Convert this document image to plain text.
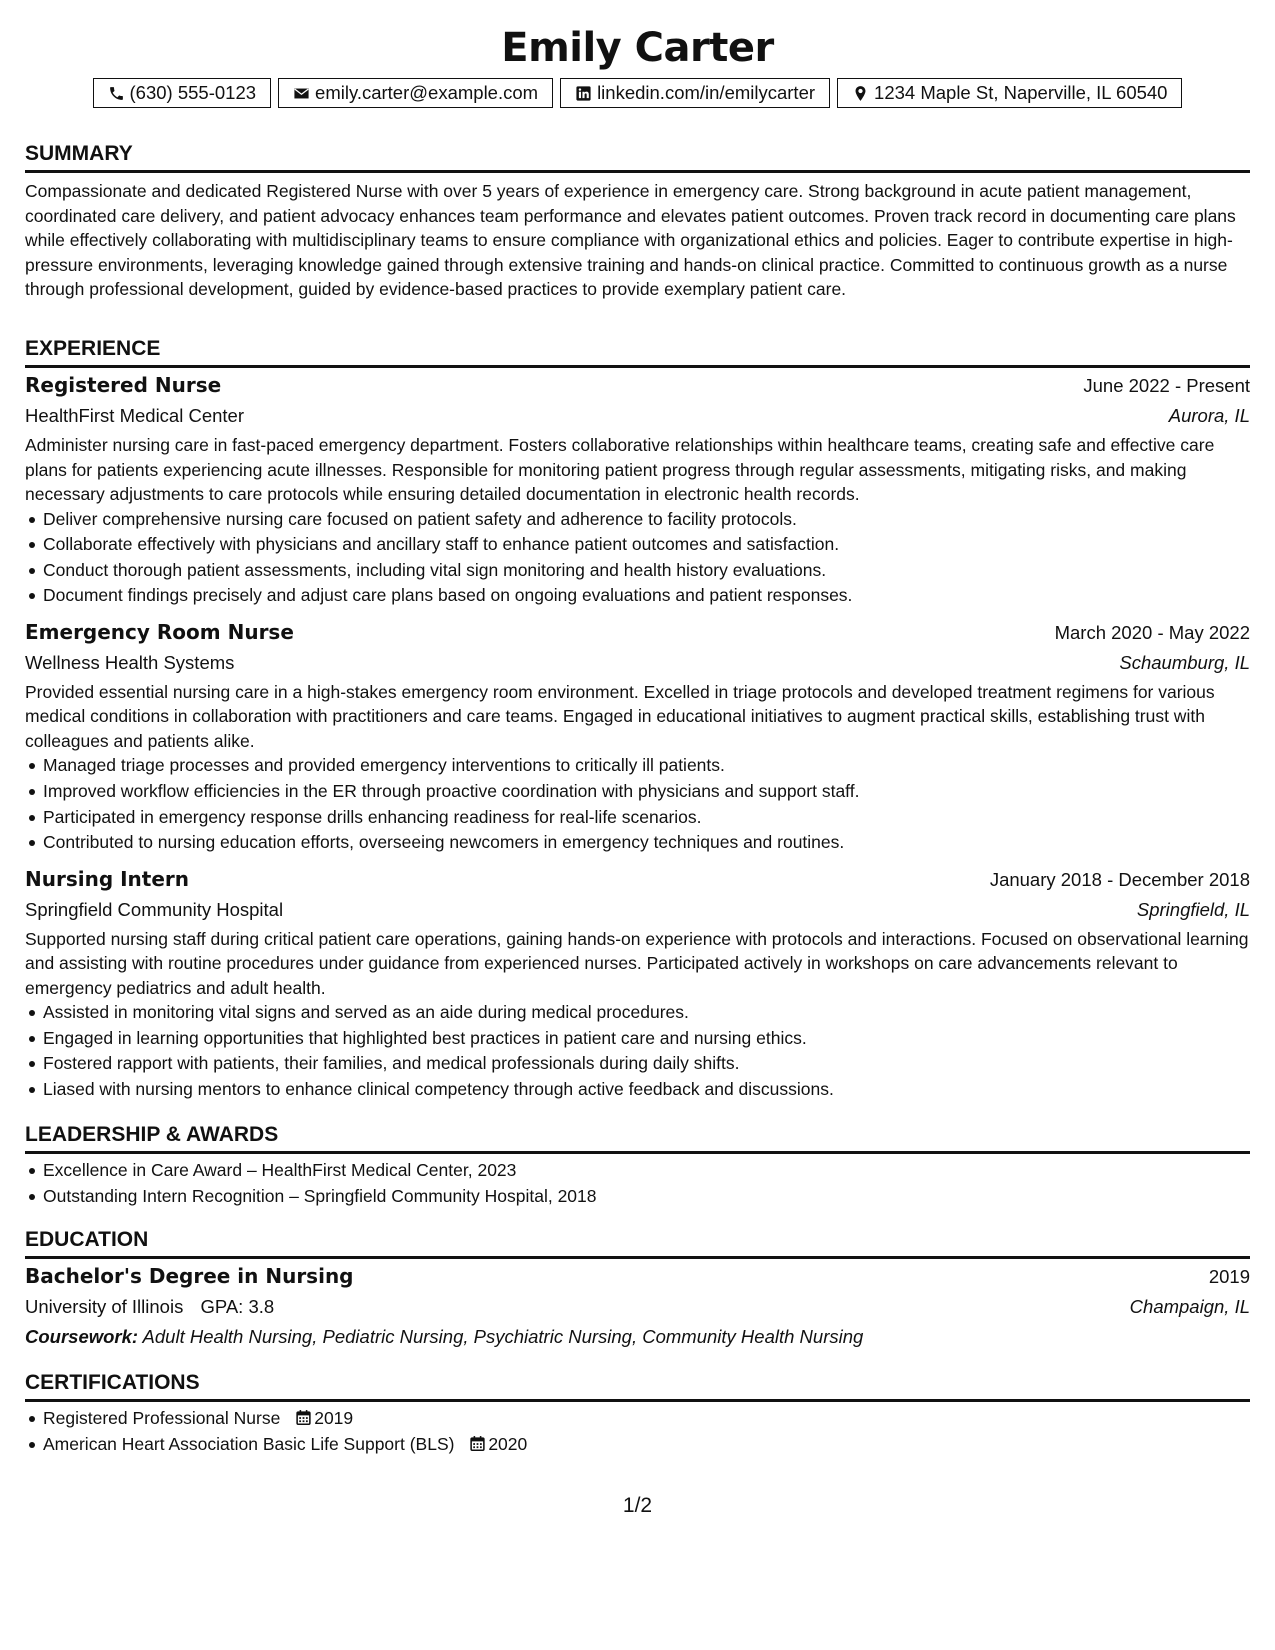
Emily Carter
(630) 555-0123	emily.carter@example.com	linkedin.com/in/emilycarter	1234 Maple St, Naperville, IL 60540
SUMMARY

Compassionate and dedicated Registered Nurse with over 5 years of experience in emergency care. Strong background in acute patient management, coordinated care delivery, and patient advocacy enhances team performance and elevates patient outcomes. Proven track record in documenting care plans while effectively collaborating with multidisciplinary teams to ensure compliance with organizational ethics and policies. Eager to contribute expertise in high-pressure environments, leveraging knowledge gained through extensive training and hands-on clinical practice. Committed to continuous growth as a nurse through professional development, guided by evidence-based practices to provide exemplary patient care.

EXPERIENCE
Registered Nurse	June 2022 - Present
HealthFirst Medical Center	Aurora, IL

Administer nursing care in fast-paced emergency department. Fosters collaborative relationships within healthcare teams, creating safe and effective care plans for patients experiencing acute illnesses. Responsible for monitoring patient progress through regular assessments, mitigating risks, and making necessary adjustments to care protocols while ensuring detailed documentation in electronic health records.

Deliver comprehensive nursing care focused on patient safety and adherence to facility protocols.
Collaborate effectively with physicians and ancillary staff to enhance patient outcomes and satisfaction.
Conduct thorough patient assessments, including vital sign monitoring and health history evaluations.
Document findings precisely and adjust care plans based on ongoing evaluations and patient responses.
Emergency Room Nurse	March 2020 - May 2022
Wellness Health Systems	Schaumburg, IL

Provided essential nursing care in a high-stakes emergency room environment. Excelled in triage protocols and developed treatment regimens for various medical conditions in collaboration with practitioners and care teams. Engaged in educational initiatives to augment practical skills, establishing trust with colleagues and patients alike.

Managed triage processes and provided emergency interventions to critically ill patients.
Improved workflow efficiencies in the ER through proactive coordination with physicians and support staff.
Participated in emergency response drills enhancing readiness for real-life scenarios.
Contributed to nursing education efforts, overseeing newcomers in emergency techniques and routines.
Nursing Intern	January 2018 - December 2018
Springfield Community Hospital	Springfield, IL

Supported nursing staff during critical patient care operations, gaining hands-on experience with protocols and interactions. Focused on observational learning and assisting with routine procedures under guidance from experienced nurses. Participated actively in workshops on care advancements relevant to emergency pediatrics and adult health.

Assisted in monitoring vital signs and served as an aide during medical procedures.
Engaged in learning opportunities that highlighted best practices in patient care and nursing ethics.
Fostered rapport with patients, their families, and medical professionals during daily shifts.
Liased with nursing mentors to enhance clinical competency through active feedback and discussions.
LEADERSHIP & AWARDS
Excellence in Care Award – HealthFirst Medical Center, 2023
Outstanding Intern Recognition – Springfield Community Hospital, 2018
EDUCATION
Bachelor's Degree in Nursing	2019
University of Illinois GPA: 3.8	Champaign, IL
Coursework: Adult Health Nursing, Pediatric Nursing, Psychiatric Nursing, Community Health Nursing
CERTIFICATIONS
Registered Professional Nurse 2019
American Heart Association Basic Life Support (BLS) 2020
1/2
